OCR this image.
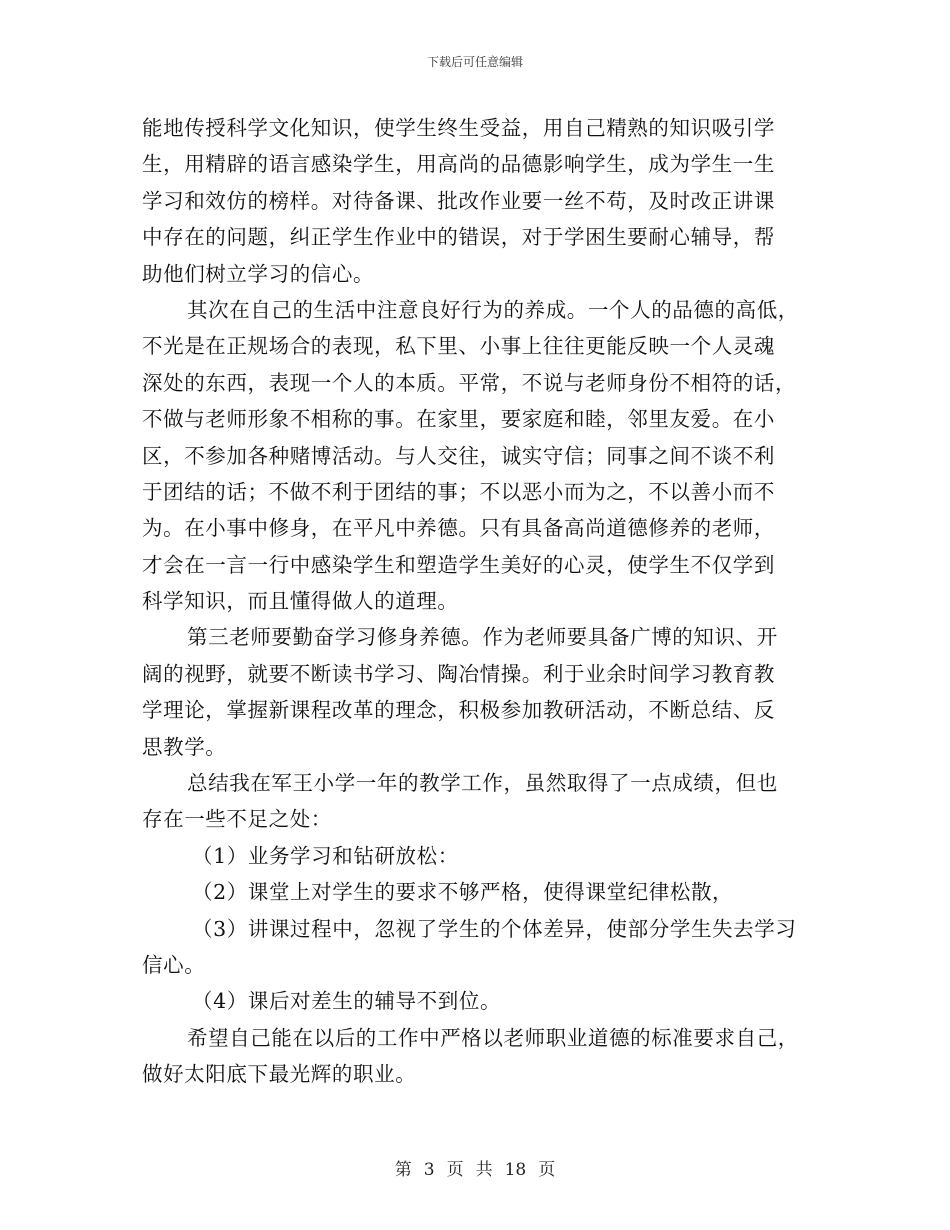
下载后可任意编辑
能地传授科学文化知识，使学生终生受益，用自己精熟的知识吸引学
生，用精辟的语言感染学生，用高尚的品德影响学生，成为学生一生
学习和效仿的榜样。对待备课、批改作业要一丝不苟，及时改正讲课
中存在的问题，纠正学生作业中的错误，对于学困生要耐心辅导，帮
助他们树立学习的信心。
其次在自己的生活中注意良好行为的养成。一个人的品德的高低，
不光是在正规场合的表现，私下里、小事上往往更能反映一个人灵魂
深处的东西，表现一个人的本质。平常，不说与老师身份不相符的话，
不做与老师形象不相称的事。在家里，要家庭和睦，邻里友爱。在小
区，不参加各种赌博活动。与人交往，诚实守信；同事之间不谈不利
于团结的话；不做不利于团结的事；不以恶小而为之，不以善小而不
为。在小事中修身，在平凡中养德。只有具备高尚道德修养的老师，
才会在一言一行中感染学生和塑造学生美好的心灵，使学生不仅学到
科学知识，而且懂得做人的道理。
第三老师要勤奋学习修身养德。作为老师要具备广博的知识、开
阔的视野，就要不断读书学习、陶冶情操。利于业余时间学习教育教
学理论，掌握新课程改革的理念，积极参加教研活动，不断总结、反
思教学。
总结我在军王小学一年的教学工作，虽然取得了一点成绩，但也
存在一些不足之处：
（1）业务学习和钻研放松：
（2）课堂上对学生的要求不够严格，使得课堂纪律松散，
（3）讲课过程中，忽视了学生的个体差异，使部分学生失去学习
信心。
（4）课后对差生的辅导不到位。
希望自己能在以后的工作中严格以老师职业道德的标准要求自己，
做好太阳底下最光辉的职业。
第 3 页 共 18 页
